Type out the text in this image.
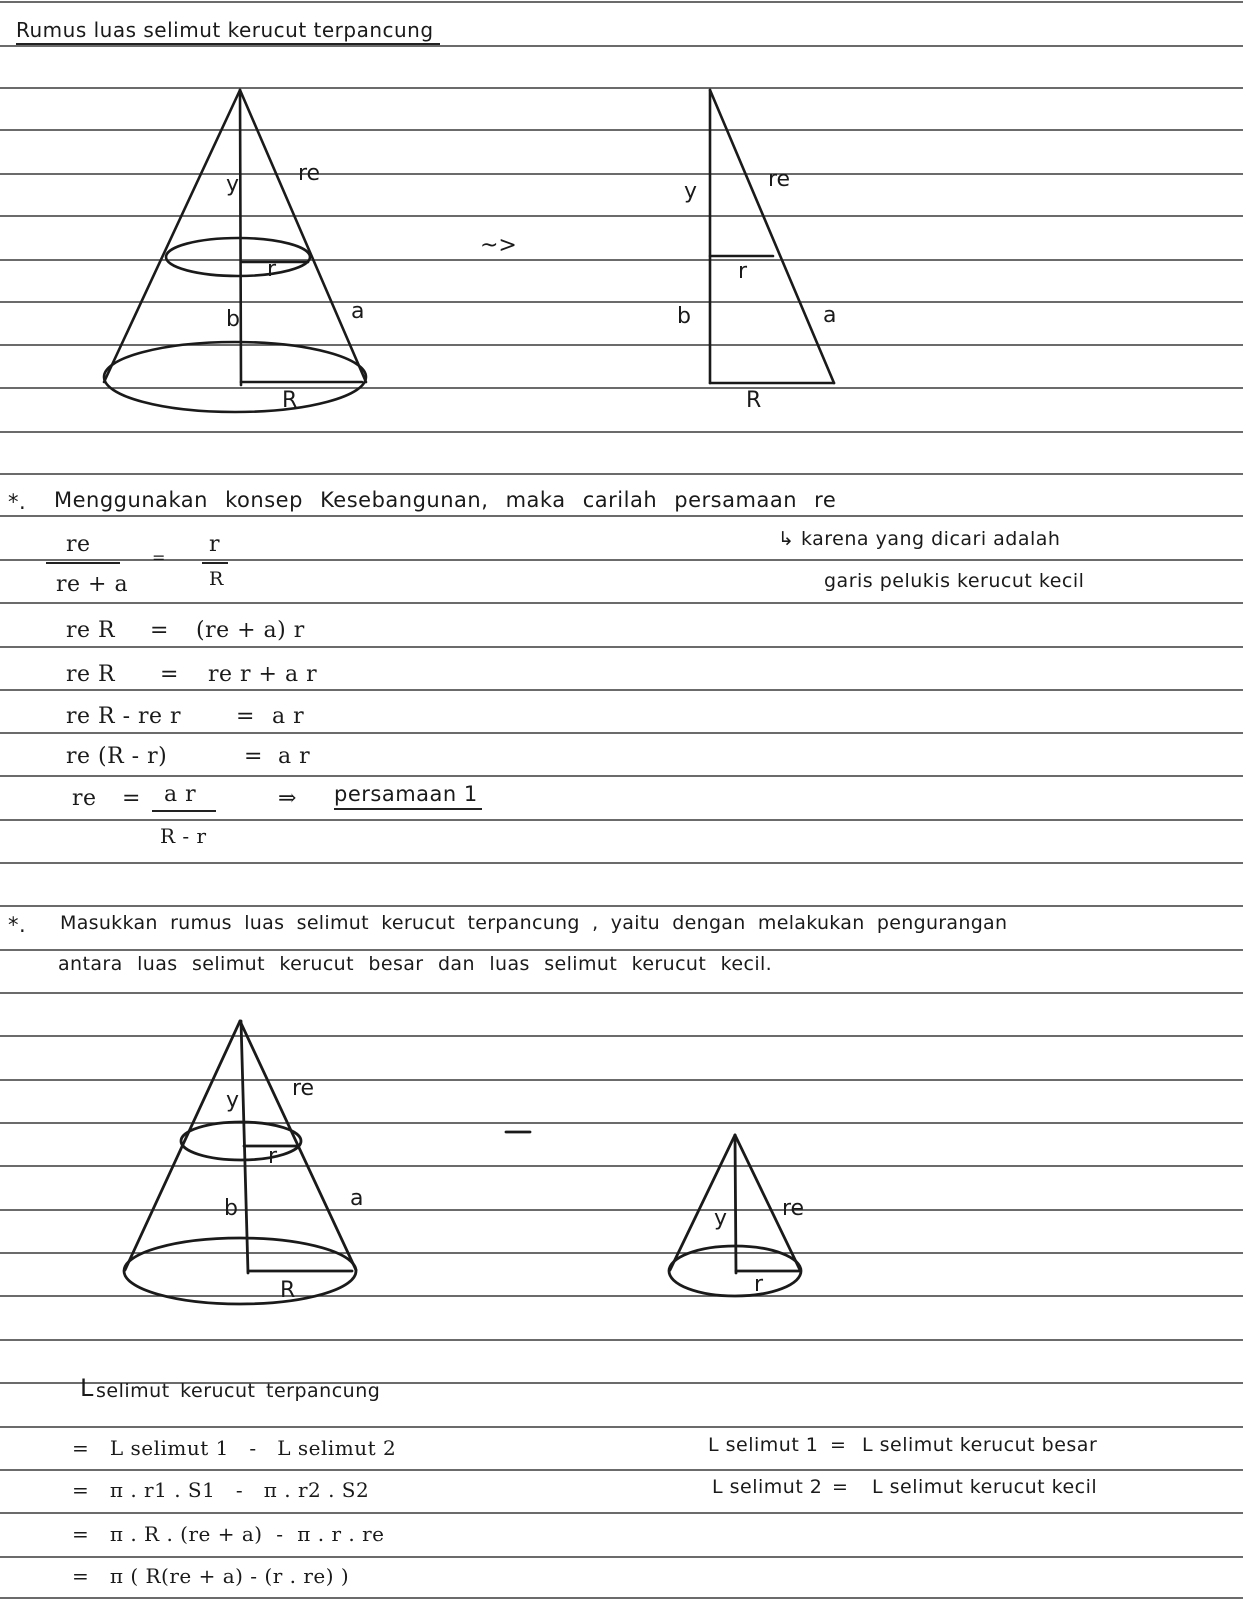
Rumus luas selimut kerucut terpancung
y	re
r
b	a
R
~>
y	re
r
b	a
R
*. Menggunakan konsep Kesebangunan, maka carilah persamaan re
↳ karena yang dicari adalah
garis pelukis kerucut kecil
re
re + a
=
r
R
re R = (re + a) r
re R = re r + a r
re R - re r = a r
re (R - r)	= a r
re = a r
R - r
⇒ persamaan 1
*. Masukkan rumus luas selimut kerucut terpancung , yaitu dengan melakukan pengurangan
antara luas selimut kerucut besar dan luas selimut kerucut kecil.
y re
r
b	a
R
y re
r
L selimut kerucut terpancung
=   L selimut 1   -   L selimut 2
=   π . r1 . S1   -   π . r2 . S2
=   π . R . (re + a)  -  π . r . re
=   π ( R(re + a) - (r . re) )
L selimut 1 = L selimut kerucut besar
L selimut 2 = L selimut kerucut kecil
